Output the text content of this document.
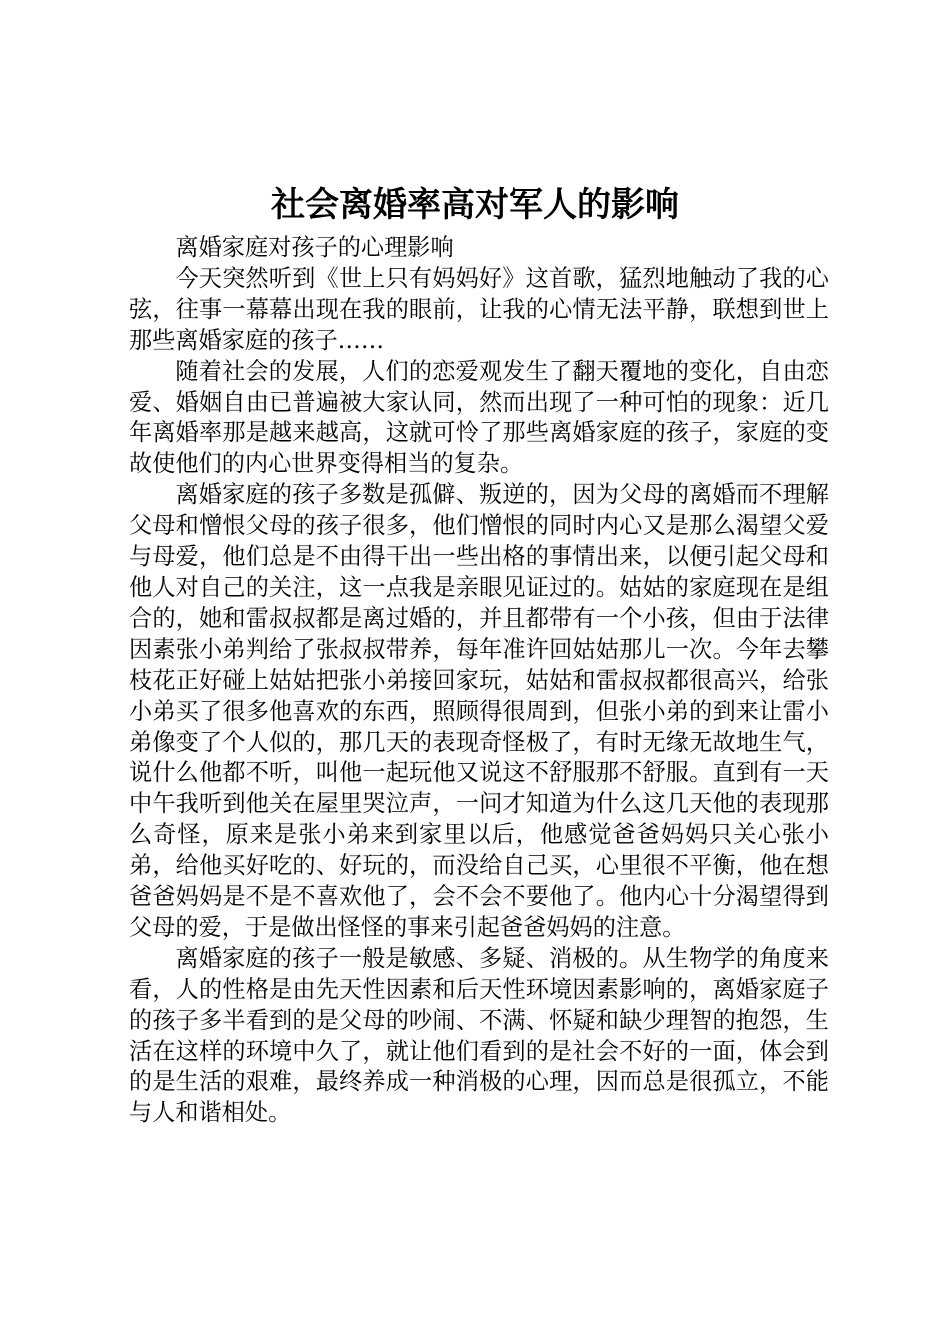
社会离婚率高对军人的影响

离婚家庭对孩子的心理影响

今天突然听到《世上只有妈妈好》这首歌，猛烈地触动了我的心弦，往事一幕幕出现在我的眼前，让我的心情无法平静，联想到世上那些离婚家庭的孩子……

随着社会的发展，人们的恋爱观发生了翻天覆地的变化，自由恋爱、婚姻自由已普遍被大家认同，然而出现了一种可怕的现象：近几年离婚率那是越来越高，这就可怜了那些离婚家庭的孩子，家庭的变故使他们的内心世界变得相当的复杂。

离婚家庭的孩子多数是孤僻、叛逆的，因为父母的离婚而不理解父母和憎恨父母的孩子很多，他们憎恨的同时内心又是那么渴望父爱与母爱，他们总是不由得干出一些出格的事情出来，以便引起父母和他人对自己的关注，这一点我是亲眼见证过的。姑姑的家庭现在是组合的，她和雷叔叔都是离过婚的，并且都带有一个小孩，但由于法律因素张小弟判给了张叔叔带养，每年准许回姑姑那儿一次。今年去攀枝花正好碰上姑姑把张小弟接回家玩，姑姑和雷叔叔都很高兴，给张小弟买了很多他喜欢的东西，照顾得很周到，但张小弟的到来让雷小弟像变了个人似的，那几天的表现奇怪极了，有时无缘无故地生气，说什么他都不听，叫他一起玩他又说这不舒服那不舒服。直到有一天中午我听到他关在屋里哭泣声，一问才知道为什么这几天他的表现那么奇怪，原来是张小弟来到家里以后，他感觉爸爸妈妈只关心张小弟，给他买好吃的、好玩的，而没给自己买，心里很不平衡，他在想爸爸妈妈是不是不喜欢他了，会不会不要他了。他内心十分渴望得到父母的爱，于是做出怪怪的事来引起爸爸妈妈的注意。

离婚家庭的孩子一般是敏感、多疑、消极的。从生物学的角度来看，人的性格是由先天性因素和后天性环境因素影响的，离婚家庭子的孩子多半看到的是父母的吵闹、不满、怀疑和缺少理智的抱怨，生活在这样的环境中久了，就让他们看到的是社会不好的一面，体会到的是生活的艰难，最终养成一种消极的心理，因而总是很孤立，不能与人和谐相处。
